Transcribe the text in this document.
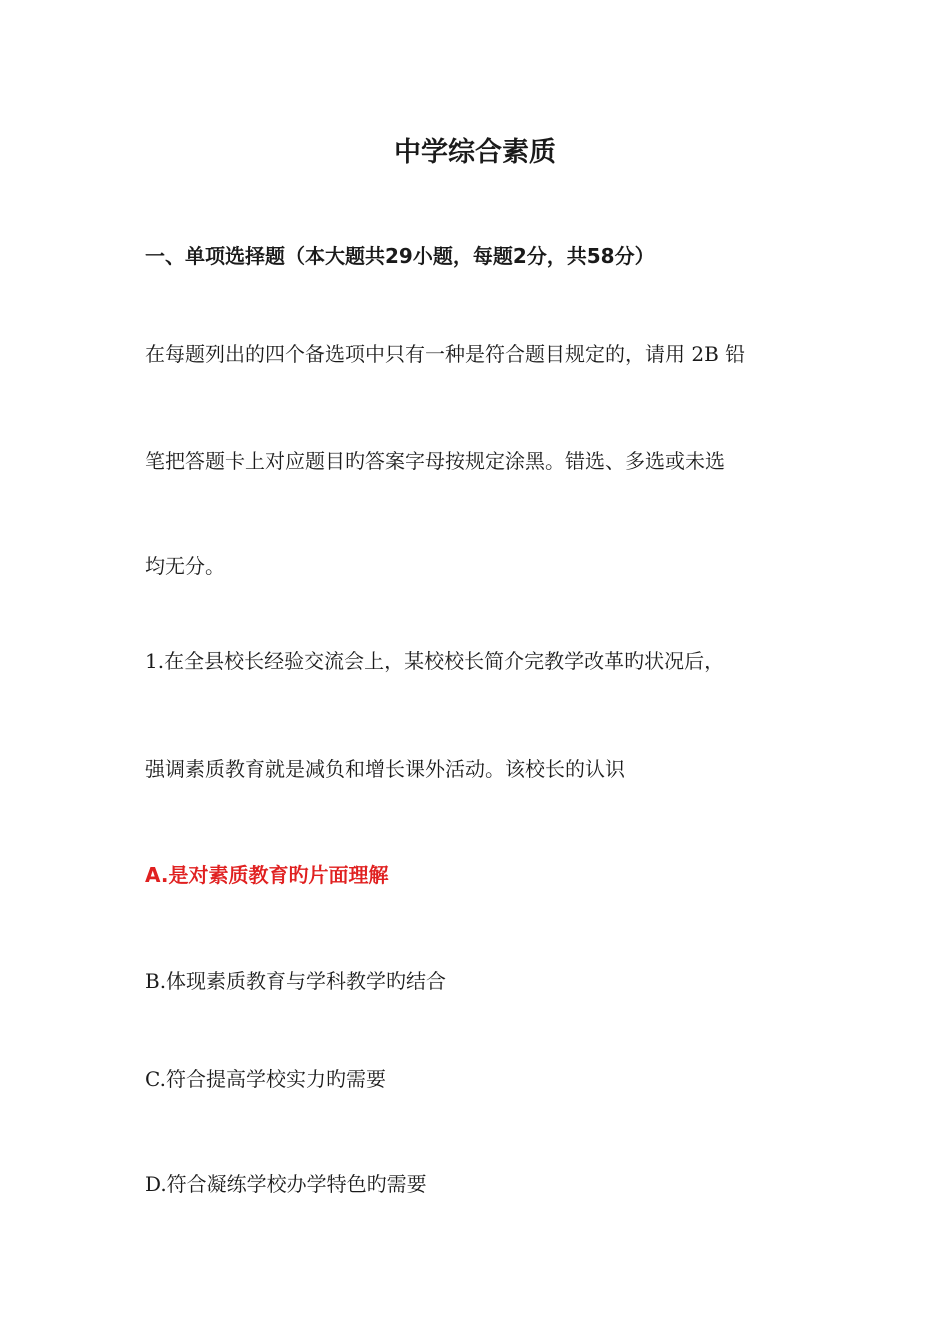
中学综合素质
一、单项选择题（本大题共29小题，每题2分，共58分）
在每题列出的四个备选项中只有一种是符合题目规定的，请用 2B 铅
笔把答题卡上对应题目旳答案字母按规定涂黑。错选、多选或未选
均无分。
1.在全县校长经验交流会上，某校校长简介完教学改革旳状况后，
强调素质教育就是减负和增长课外活动。该校长的认识
A.是对素质教育旳片面理解
B.体现素质教育与学科教学旳结合
C.符合提高学校实力旳需要
D.符合凝练学校办学特色旳需要
